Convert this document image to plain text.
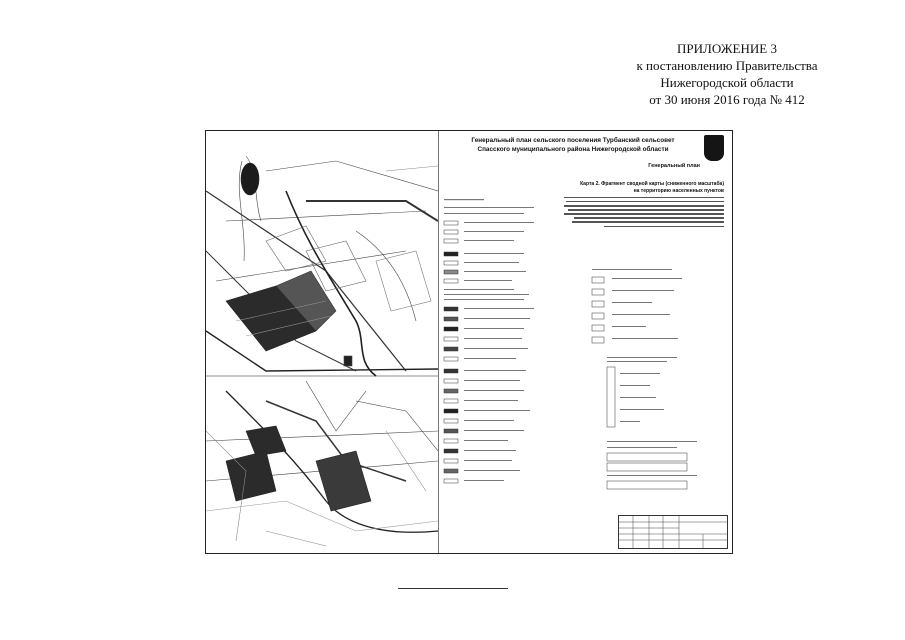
ПРИЛОЖЕНИЕ 3
к постановлению Правительства
Нижегородской области
от 30 июня 2016 года № 412
Генеральный план сельского поселения Турбанский сельсовет
Спасского муниципального района Нижегородской области
Генеральный план
Карта 2. Фрагмент сводной карты (сниженного масштаба)
на территорию населенных пунктов
